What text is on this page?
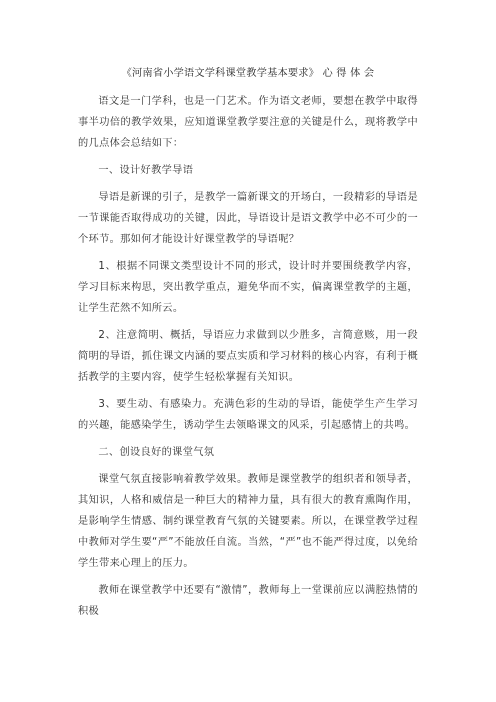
《河南省小学语文学科课堂教学基本要求》 心 得 体 会

语文是一门学科，也是一门艺术。作为语文老师，要想在教学中取得事半功倍的教学效果，应知道课堂教学要注意的关键是什么，现将教学中的几点体会总结如下：

一、设计好教学导语

导语是新课的引子，是教学一篇新课文的开场白，一段精彩的导语是一节课能否取得成功的关键，因此，导语设计是语文教学中必不可少的一个环节。那如何才能设计好课堂教学的导语呢？

1、根据不同课文类型设计不同的形式，设计时并要围绕教学内容，学习目标来构思，突出教学重点，避免华而不实，偏离课堂教学的主题，让学生茫然不知所云。

2、注意简明、概括，导语应力求做到以少胜多，言简意赅，用一段简明的导语，抓住课文内涵的要点实质和学习材料的核心内容，有利于概括教学的主要内容，使学生轻松掌握有关知识。

3、要生动、有感染力。充满色彩的生动的导语，能使学生产生学习的兴趣，能感染学生，诱动学生去领略课文的风采，引起感情上的共鸣。

二、创设良好的课堂气氛

课堂气氛直接影响着教学效果。教师是课堂教学的组织者和领导者，其知识，人格和威信是一种巨大的精神力量，具有很大的教育熏陶作用，是影响学生情感、制约课堂教育气氛的关键要素。所以，在课堂教学过程中教师对学生要“严”不能放任自流。当然，“严”也不能严得过度，以免给学生带来心理上的压力。

教师在课堂教学中还要有“激情”，教师每上一堂课前应以满腔热情的积极
